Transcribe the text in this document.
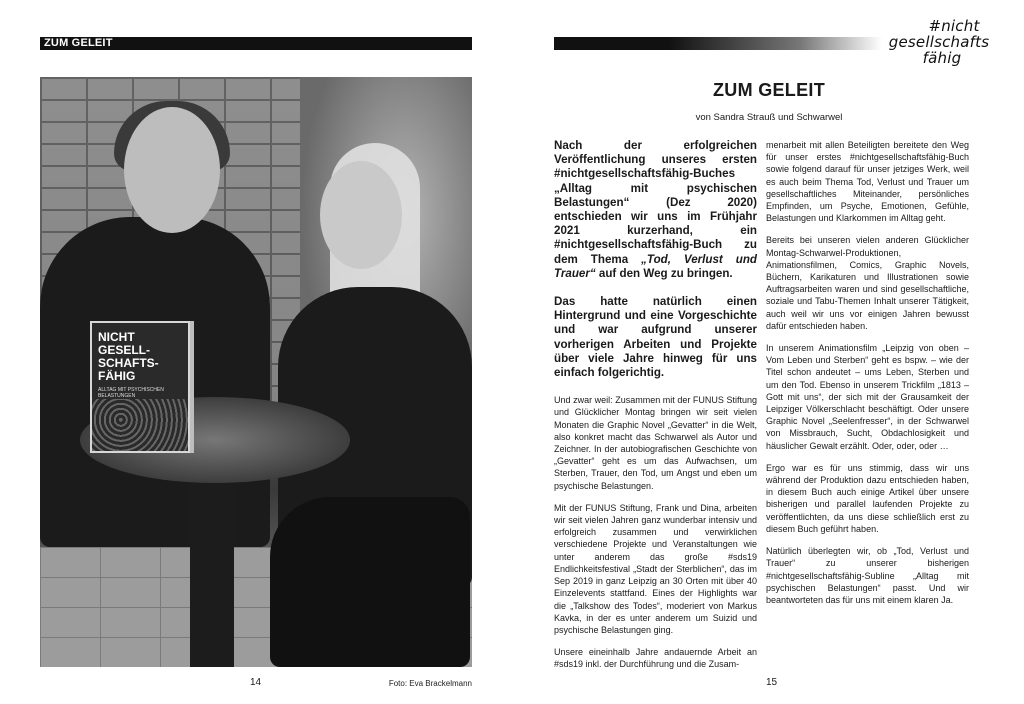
ZUM GELEIT
NICHT GESELL-SCHAFTS-FÄHIG
ALLTAG MIT PSYCHISCHEN BELASTUNGEN
14	Foto: Eva Brackelmann
#nicht
gesellschafts
fähig
ZUM GELEIT
von Sandra Strauß und Schwarwel

Nach der erfolgreichen Veröffentlichung unseres ersten #nichtgesellschaftsfähig-Buches „Alltag mit psychischen Belastungen“ (Dez 2020) entschieden wir uns im Frühjahr 2021 kurzerhand, ein #nichtgesellschaftsfähig-Buch zu dem Thema „Tod, Verlust und Trauer“ auf den Weg zu bringen.

Das hatte natürlich einen Hintergrund und eine Vorgeschichte und war aufgrund unserer vorherigen Arbeiten und Projekte über viele Jahre hinweg für uns einfach folgerichtig.

Und zwar weil: Zusammen mit der FUNUS Stiftung und Glücklicher Montag bringen wir seit vielen Monaten die Graphic Novel „Gevatter“ in die Welt, also konkret macht das Schwarwel als Autor und Zeichner. In der autobiografischen Geschichte von „Gevatter“ geht es um das Aufwachsen, um Sterben, Trauer, den Tod, um Angst und eben um psychische Belastungen.

Mit der FUNUS Stiftung, Frank und Dina, arbeiten wir seit vielen Jahren ganz wunderbar intensiv und erfolgreich zusammen und verwirklichen verschiedene Projekte und Veranstaltungen wie unter anderem das große #sds19 Endlichkeitsfestival „Stadt der Sterblichen“, das im Sep 2019 in ganz Leipzig an 30 Orten mit über 40 Einzelevents stattfand. Eines der Highlights war die „Talkshow des Todes“, moderiert von Markus Kavka, in der es unter anderem um Suizid und psychische Belastungen ging.

Unsere eineinhalb Jahre andauernde Arbeit an #sds19 inkl. der Durchführung und die Zusam-

menarbeit mit allen Beteiligten bereitete den Weg für unser erstes #nichtgesellschaftsfähig-Buch sowie folgend darauf für unser jetziges Werk, weil es auch beim Thema Tod, Verlust und Trauer um gesellschaftliches Miteinander, persönliches Empfinden, um Psyche, Emotionen, Gefühle, Belastungen und Klarkommen im Alltag geht.

Bereits bei unseren vielen anderen Glücklicher Montag-Schwarwel-Produktionen, Animationsfilmen, Comics, Graphic Novels, Büchern, Karikaturen und Illustrationen sowie Auftragsarbeiten waren und sind gesellschaftliche, soziale und Tabu-Themen Inhalt unserer Tätigkeit, auch weil wir uns vor einigen Jahren bewusst dafür entschieden haben.

In unserem Animationsfilm „Leipzig von oben – Vom Leben und Sterben“ geht es bspw. – wie der Titel schon andeutet – ums Leben, Sterben und um den Tod. Ebenso in unserem Trickfilm „1813 – Gott mit uns“, der sich mit der Grausamkeit der Leipziger Völkerschlacht beschäftigt. Oder unsere Graphic Novel „Seelenfresser“, in der Schwarwel von Missbrauch, Sucht, Obdachlosigkeit und häuslicher Gewalt erzählt. Oder, oder, oder …

Ergo war es für uns stimmig, dass wir uns während der Produktion dazu entschieden haben, in diesem Buch auch einige Artikel über unsere bisherigen und parallel laufenden Projekte zu veröffentlichten, da uns diese schließlich erst zu diesem Buch geführt haben.

Natürlich überlegten wir, ob „Tod, Verlust und Trauer“ zu unserer bisherigen #nichtgesellschaftsfähig-Subline „Alltag mit psychischen Belastungen“ passt. Und wir beantworteten das für uns mit einem klaren Ja.

15
